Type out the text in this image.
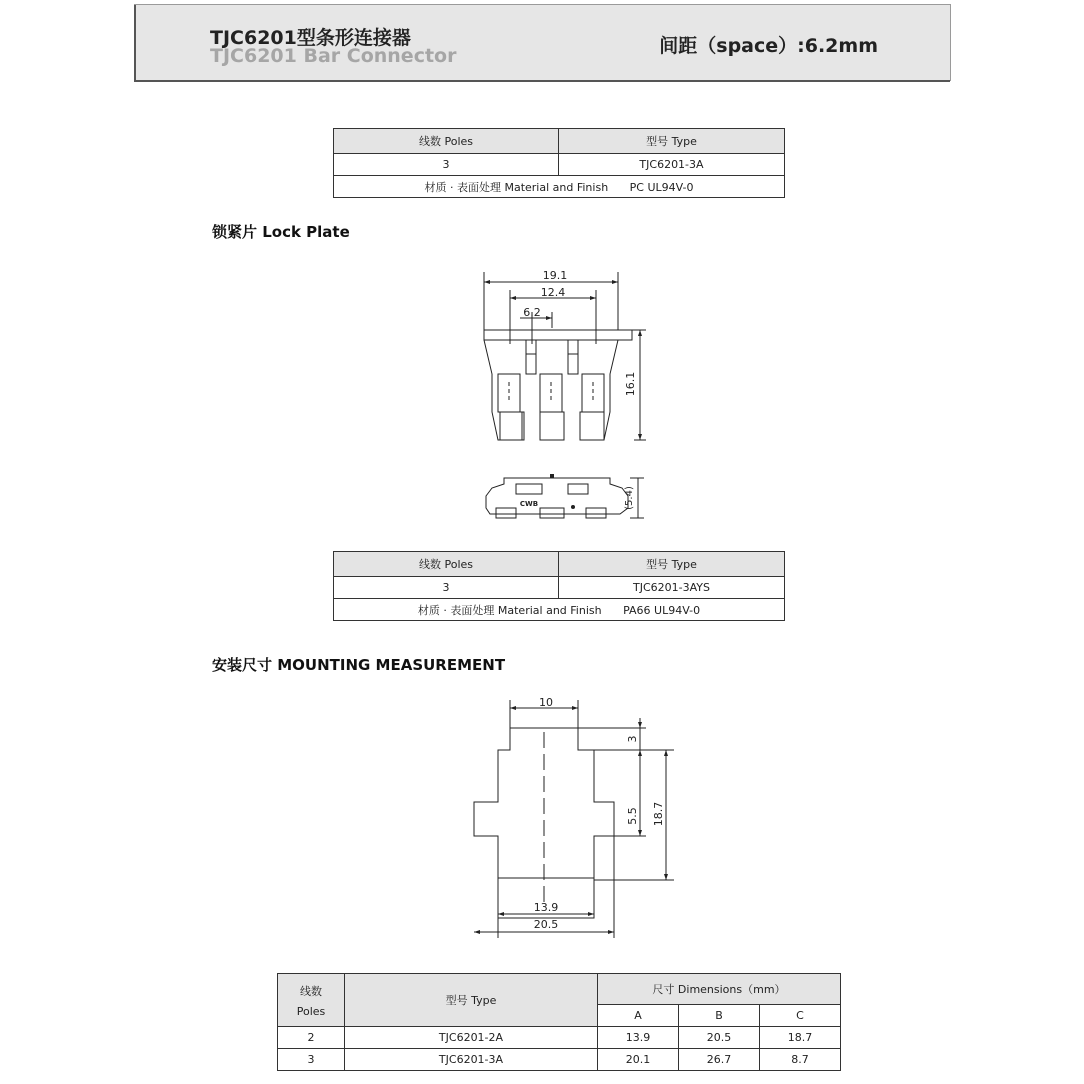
TJC6201型条形连接器
TJC6201 Bar Connector	间距（space）:6.2mm
线数 Poles	型号 Type
3	TJC6201-3A
材质 · 表面处理 Material and Finish PC UL94V-0	
锁紧片 Lock Plate
19.1
12.4
6.2
16.1
(5.4)
CWB
线数 Poles	型号 Type
3	TJC6201-3AYS
材质 · 表面处理 Material and Finish PA66 UL94V-0	
安装尺寸 MOUNTING MEASUREMENT
10
3
5.5 18.7
13.9
20.5
线数
Poles	型号 Type	尺寸 Dimensions（mm）		
		A	B	C
2	TJC6201-2A	13.9	20.5	18.7
3	TJC6201-3A	20.1	26.7	8.7
